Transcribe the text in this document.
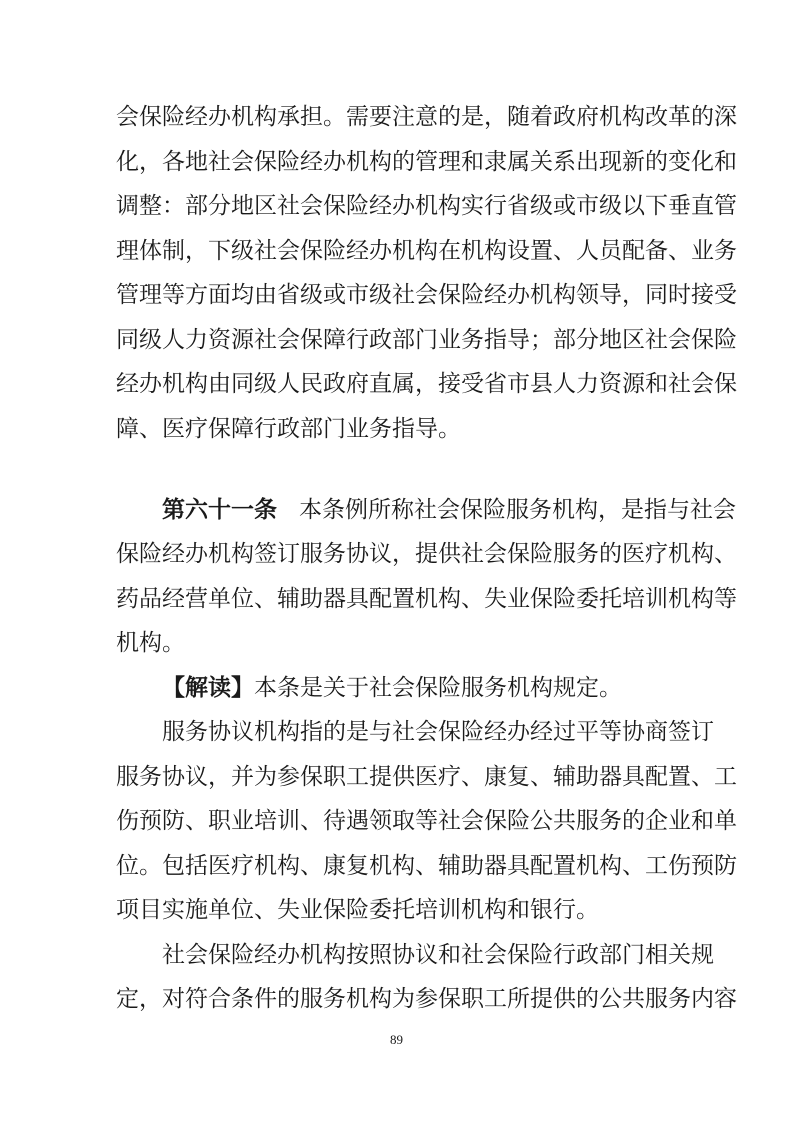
会保险经办机构承担。需要注意的是，随着政府机构改革的深
化，各地社会保险经办机构的管理和隶属关系出现新的变化和
调整：部分地区社会保险经办机构实行省级或市级以下垂直管
理体制，下级社会保险经办机构在机构设置、人员配备、业务
管理等方面均由省级或市级社会保险经办机构领导，同时接受
同级人力资源社会保障行政部门业务指导；部分地区社会保险
经办机构由同级人民政府直属，接受省市县人力资源和社会保
障、医疗保障行政部门业务指导。
第六十一条 本条例所称社会保险服务机构，是指与社会
保险经办机构签订服务协议，提供社会保险服务的医疗机构、
药品经营单位、辅助器具配置机构、失业保险委托培训机构等
机构。
【解读】本条是关于社会保险服务机构规定。
服务协议机构指的是与社会保险经办经过平等协商签订
服务协议，并为参保职工提供医疗、康复、辅助器具配置、工
伤预防、职业培训、待遇领取等社会保险公共服务的企业和单
位。包括医疗机构、康复机构、辅助器具配置机构、工伤预防
项目实施单位、失业保险委托培训机构和银行。
社会保险经办机构按照协议和社会保险行政部门相关规
定，对符合条件的服务机构为参保职工所提供的公共服务内容
89
